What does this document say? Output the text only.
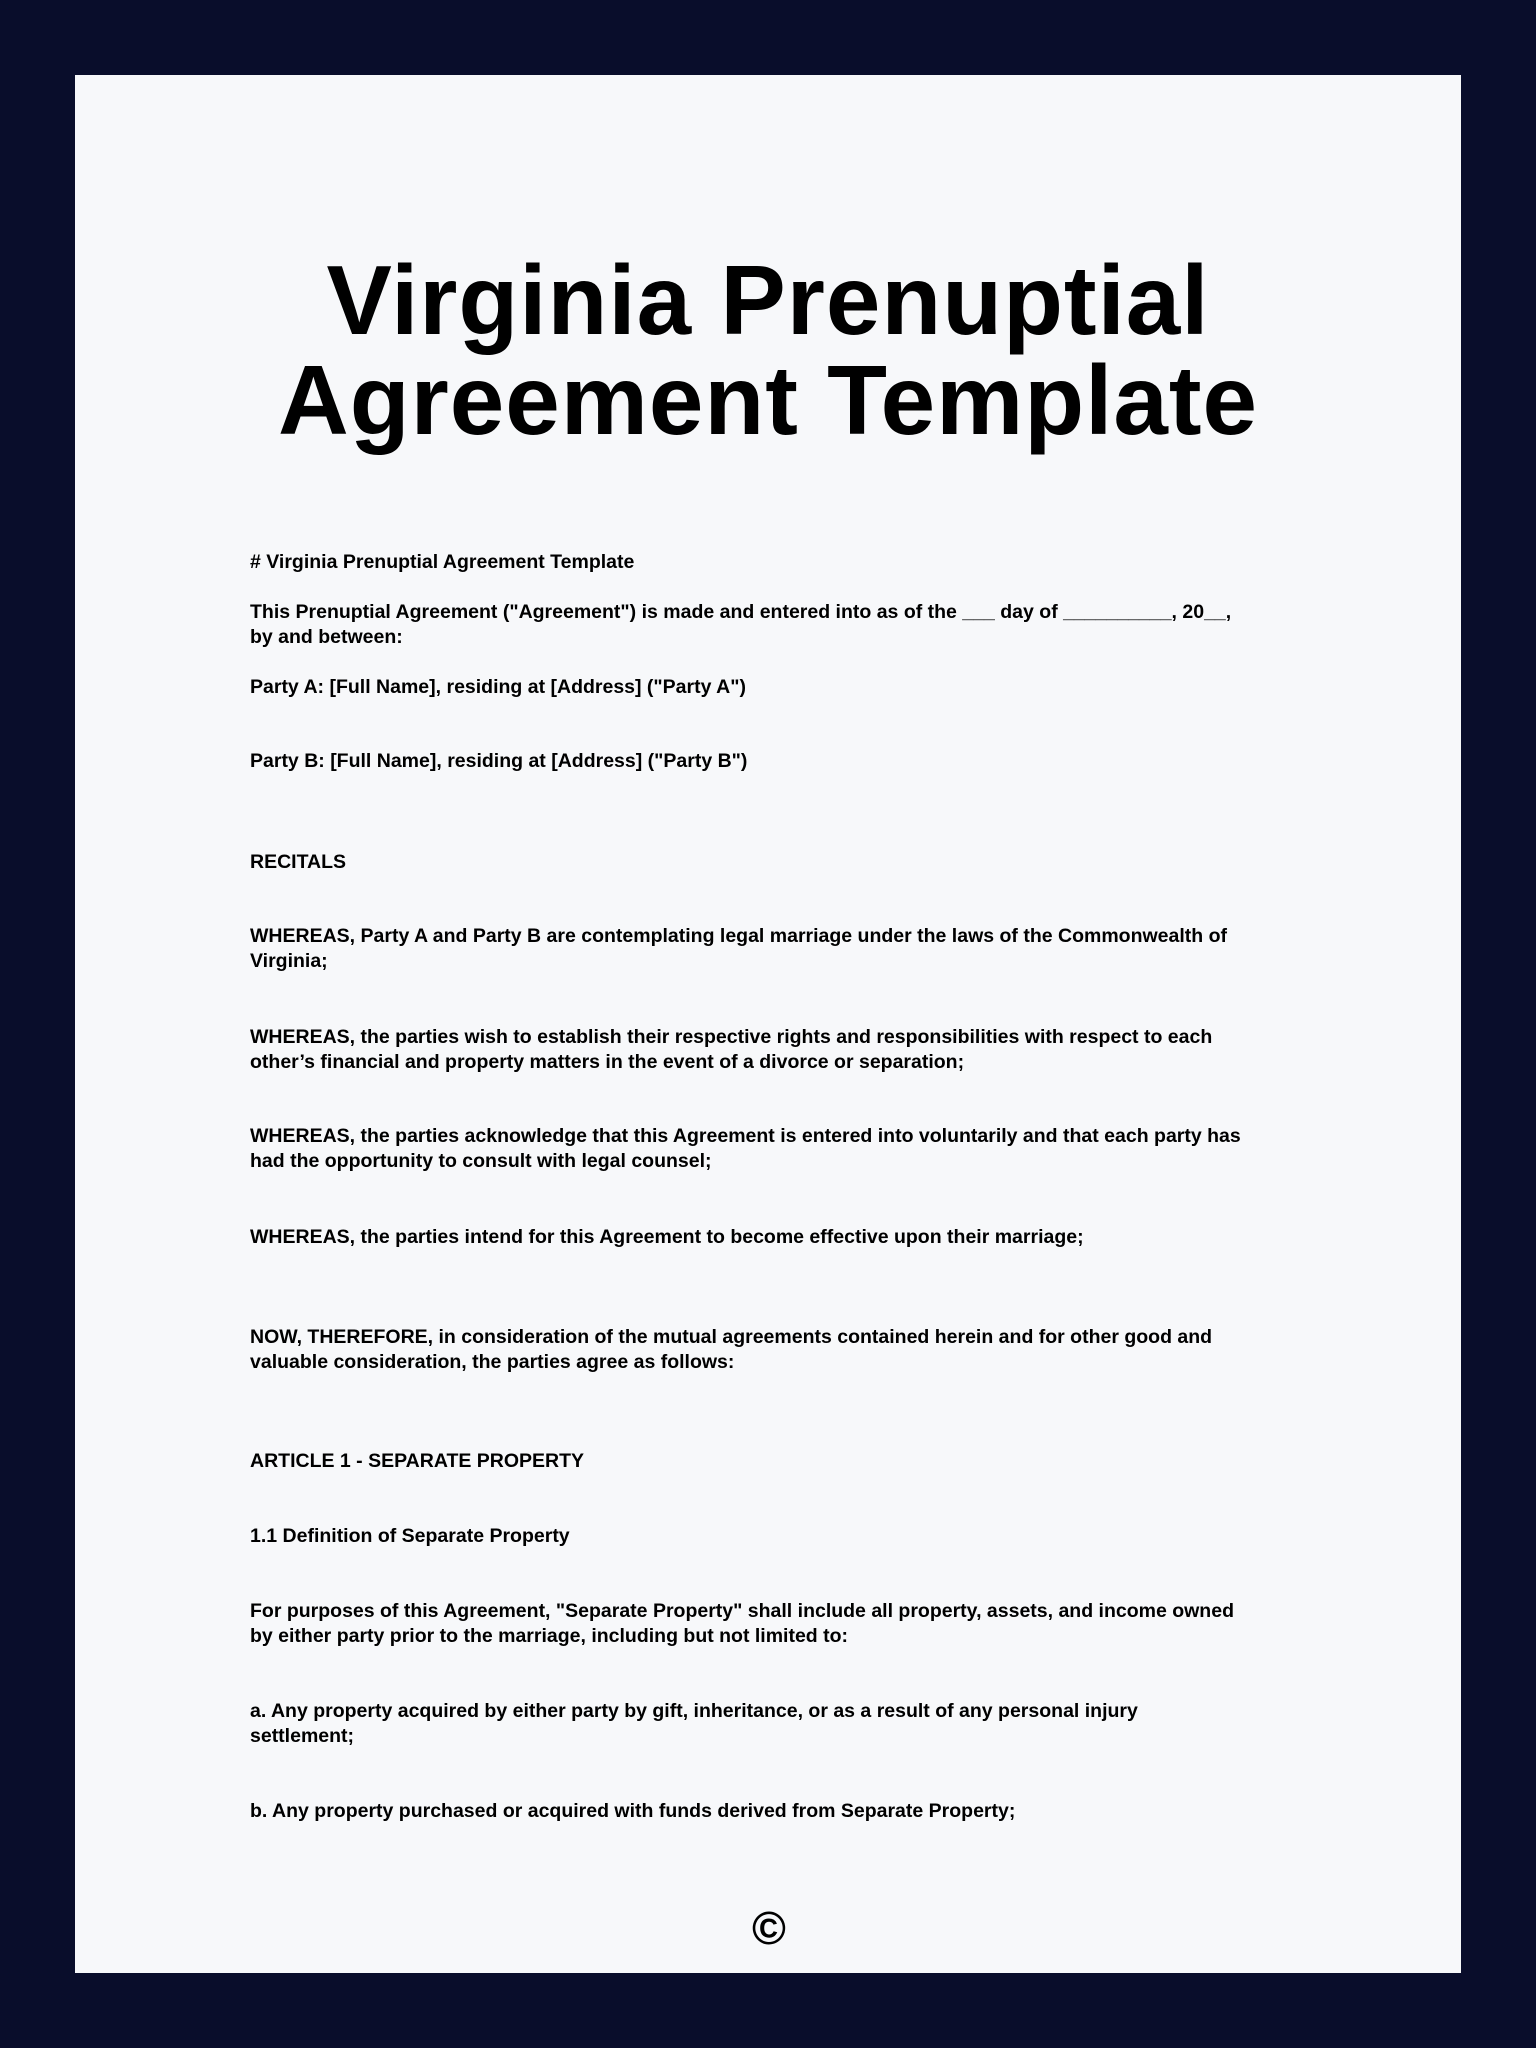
Virginia Prenuptial
Agreement Template
# Virginia Prenuptial Agreement Template
This Prenuptial Agreement ("Agreement") is made and entered into as of the ___ day of __________, 20__,
by and between:
Party A: [Full Name], residing at [Address] ("Party A")
Party B: [Full Name], residing at [Address] ("Party B")
RECITALS
WHEREAS, Party A and Party B are contemplating legal marriage under the laws of the Commonwealth of
Virginia;
WHEREAS, the parties wish to establish their respective rights and responsibilities with respect to each
other’s financial and property matters in the event of a divorce or separation;
WHEREAS, the parties acknowledge that this Agreement is entered into voluntarily and that each party has
had the opportunity to consult with legal counsel;
WHEREAS, the parties intend for this Agreement to become effective upon their marriage;
NOW, THEREFORE, in consideration of the mutual agreements contained herein and for other good and
valuable consideration, the parties agree as follows:
ARTICLE 1 - SEPARATE PROPERTY
1.1 Definition of Separate Property
For purposes of this Agreement, "Separate Property" shall include all property, assets, and income owned
by either party prior to the marriage, including but not limited to:
a. Any property acquired by either party by gift, inheritance, or as a result of any personal injury
settlement;
b. Any property purchased or acquired with funds derived from Separate Property;
©
